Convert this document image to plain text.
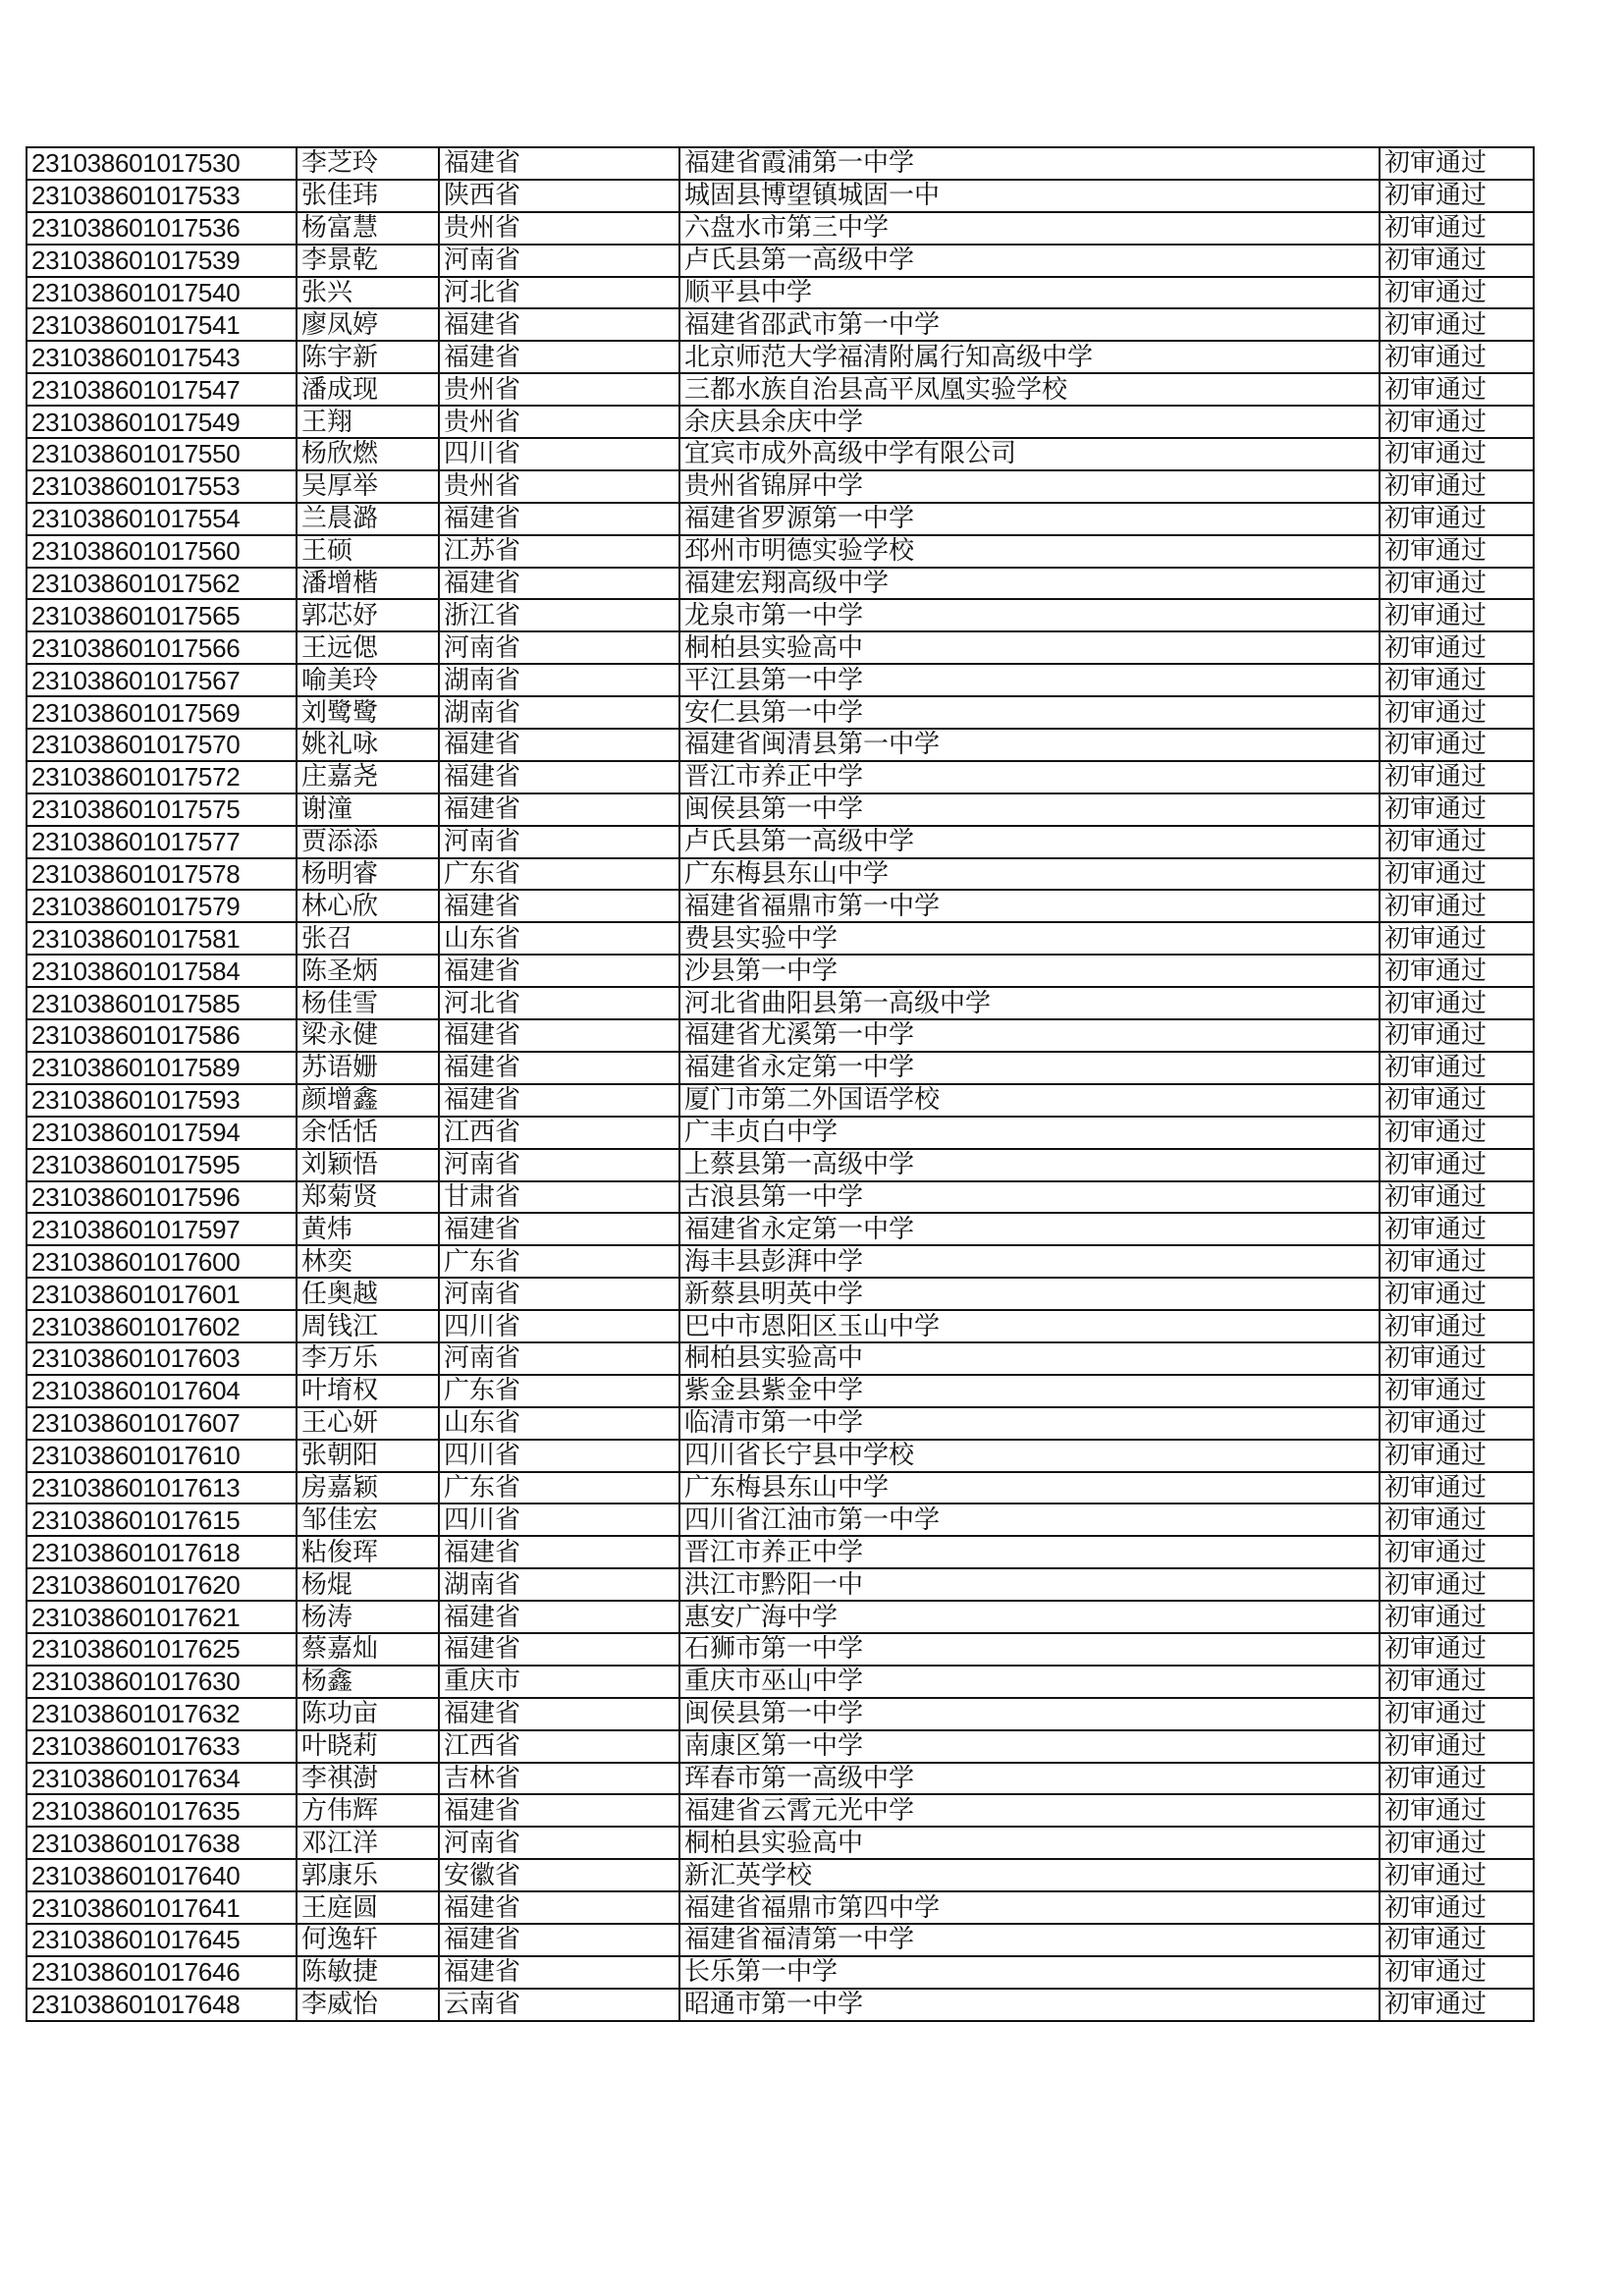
231038601017530	李芝玲	福建省	福建省霞浦第一中学	初审通过
231038601017533	张佳玮	陕西省	城固县博望镇城固一中	初审通过
231038601017536	杨富慧	贵州省	六盘水市第三中学	初审通过
231038601017539	李景乾	河南省	卢氏县第一高级中学	初审通过
231038601017540	张兴	河北省	顺平县中学	初审通过
231038601017541	廖凤婷	福建省	福建省邵武市第一中学	初审通过
231038601017543	陈宇新	福建省	北京师范大学福清附属行知高级中学	初审通过
231038601017547	潘成现	贵州省	三都水族自治县高平凤凰实验学校	初审通过
231038601017549	王翔	贵州省	余庆县余庆中学	初审通过
231038601017550	杨欣燃	四川省	宜宾市成外高级中学有限公司	初审通过
231038601017553	吴厚举	贵州省	贵州省锦屏中学	初审通过
231038601017554	兰晨潞	福建省	福建省罗源第一中学	初审通过
231038601017560	王硕	江苏省	邳州市明德实验学校	初审通过
231038601017562	潘增楷	福建省	福建宏翔高级中学	初审通过
231038601017565	郭芯妤	浙江省	龙泉市第一中学	初审通过
231038601017566	王远偲	河南省	桐柏县实验高中	初审通过
231038601017567	喻美玲	湖南省	平江县第一中学	初审通过
231038601017569	刘鹭鹭	湖南省	安仁县第一中学	初审通过
231038601017570	姚礼咏	福建省	福建省闽清县第一中学	初审通过
231038601017572	庄嘉尧	福建省	晋江市养正中学	初审通过
231038601017575	谢潼	福建省	闽侯县第一中学	初审通过
231038601017577	贾添添	河南省	卢氏县第一高级中学	初审通过
231038601017578	杨明睿	广东省	广东梅县东山中学	初审通过
231038601017579	林心欣	福建省	福建省福鼎市第一中学	初审通过
231038601017581	张召	山东省	费县实验中学	初审通过
231038601017584	陈圣炳	福建省	沙县第一中学	初审通过
231038601017585	杨佳雪	河北省	河北省曲阳县第一高级中学	初审通过
231038601017586	梁永健	福建省	福建省尤溪第一中学	初审通过
231038601017589	苏语姗	福建省	福建省永定第一中学	初审通过
231038601017593	颜增鑫	福建省	厦门市第二外国语学校	初审通过
231038601017594	余恬恬	江西省	广丰贞白中学	初审通过
231038601017595	刘颖悟	河南省	上蔡县第一高级中学	初审通过
231038601017596	郑菊贤	甘肃省	古浪县第一中学	初审通过
231038601017597	黄炜	福建省	福建省永定第一中学	初审通过
231038601017600	林奕	广东省	海丰县彭湃中学	初审通过
231038601017601	任奥越	河南省	新蔡县明英中学	初审通过
231038601017602	周钱江	四川省	巴中市恩阳区玉山中学	初审通过
231038601017603	李万乐	河南省	桐柏县实验高中	初审通过
231038601017604	叶堉权	广东省	紫金县紫金中学	初审通过
231038601017607	王心妍	山东省	临清市第一中学	初审通过
231038601017610	张朝阳	四川省	四川省长宁县中学校	初审通过
231038601017613	房嘉颖	广东省	广东梅县东山中学	初审通过
231038601017615	邹佳宏	四川省	四川省江油市第一中学	初审通过
231038601017618	粘俊珲	福建省	晋江市养正中学	初审通过
231038601017620	杨焜	湖南省	洪江市黔阳一中	初审通过
231038601017621	杨涛	福建省	惠安广海中学	初审通过
231038601017625	蔡嘉灿	福建省	石狮市第一中学	初审通过
231038601017630	杨鑫	重庆市	重庆市巫山中学	初审通过
231038601017632	陈功亩	福建省	闽侯县第一中学	初审通过
231038601017633	叶晓莉	江西省	南康区第一中学	初审通过
231038601017634	李祺澍	吉林省	珲春市第一高级中学	初审通过
231038601017635	方伟辉	福建省	福建省云霄元光中学	初审通过
231038601017638	邓江洋	河南省	桐柏县实验高中	初审通过
231038601017640	郭康乐	安徽省	新汇英学校	初审通过
231038601017641	王庭圆	福建省	福建省福鼎市第四中学	初审通过
231038601017645	何逸轩	福建省	福建省福清第一中学	初审通过
231038601017646	陈敏捷	福建省	长乐第一中学	初审通过
231038601017648	李威怡	云南省	昭通市第一中学	初审通过
